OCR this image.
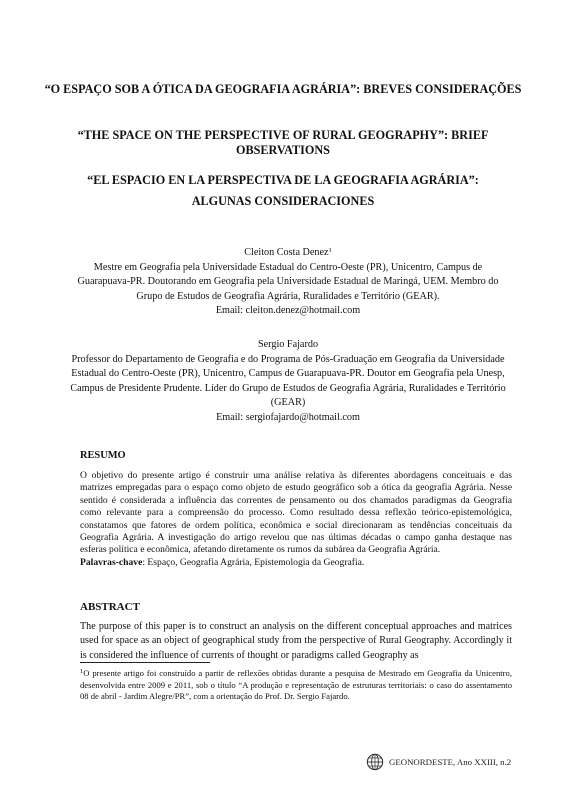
“O ESPAÇO SOB A ÓTICA DA GEOGRAFIA AGRÁRIA”: BREVES CONSIDERAÇÕES
“THE SPACE ON THE PERSPECTIVE OF RURAL GEOGRAPHY”: BRIEF OBSERVATIONS
“EL ESPACIO EN LA PERSPECTIVA DE LA GEOGRAFIA AGRÁRIA”:
ALGUNAS CONSIDERACIONES
Cleiton Costa Denez$^1$
Mestre em Geografia pela Universidade Estadual do Centro-Oeste (PR), Unicentro, Campus de Guarapuava-PR. Doutorando em Geografia pela Universidade Estadual de Maringá, UEM. Membro do Grupo de Estudos de Geografia Agrária, Ruralidades e Território (GEAR).
Email: cleiton.denez@hotmail.com
Sergio Fajardo
Professor do Departamento de Geografia e do Programa de Pós-Graduação em Geografia da Universidade Estadual do Centro-Oeste (PR), Unicentro, Campus de Guarapuava-PR. Doutor em Geografia pela Unesp, Campus de Presidente Prudente. Líder do Grupo de Estudos de Geografia Agrária, Ruralidades e Território (GEAR)
Email: sergiofajardo@hotmail.com
RESUMO
O objetivo do presente artigo é construir uma análise relativa às diferentes abordagens conceituais e das matrizes empregadas para o espaço como objeto de estudo geográfico sob a ótica da geografia Agrária. Nesse sentido é considerada a influência das correntes de pensamento ou dos chamados paradigmas da Geografia como relevante para a compreensão do processo. Como resultado dessa reflexão teórico-epistemológica, constatamos que fatores de ordem política, econômica e social direcionaram as tendências conceituais da Geografia Agrária. A investigação do artigo revelou que nas últimas décadas o campo ganha destaque nas esferas política e econômica, afetando diretamente os rumos da subárea da Geografia Agrária.
Palavras-chave: Espaço, Geografia Agrária, Epistemologia da Geografia.
ABSTRACT
The purpose of this paper is to construct an analysis on the different conceptual approaches and matrices used for space as an object of geographical study from the perspective of Rural Geography. Accordingly it is considered the influence of currents of thought or paradigms called Geography as
$^1$O presente artigo foi construído a partir de reflexões obtidas durante a pesquisa de Mestrado em Geografia da Unicentro, desenvolvida entre 2009 e 2011, sob o título “A produção e representação de estruturas territoriais: o caso do assentamento 08 de abril - Jardim Alegre/PR”, com a orientação do Prof. Dr. Sergio Fajardo.
GEONORDESTE, Ano XXIII, n.2
